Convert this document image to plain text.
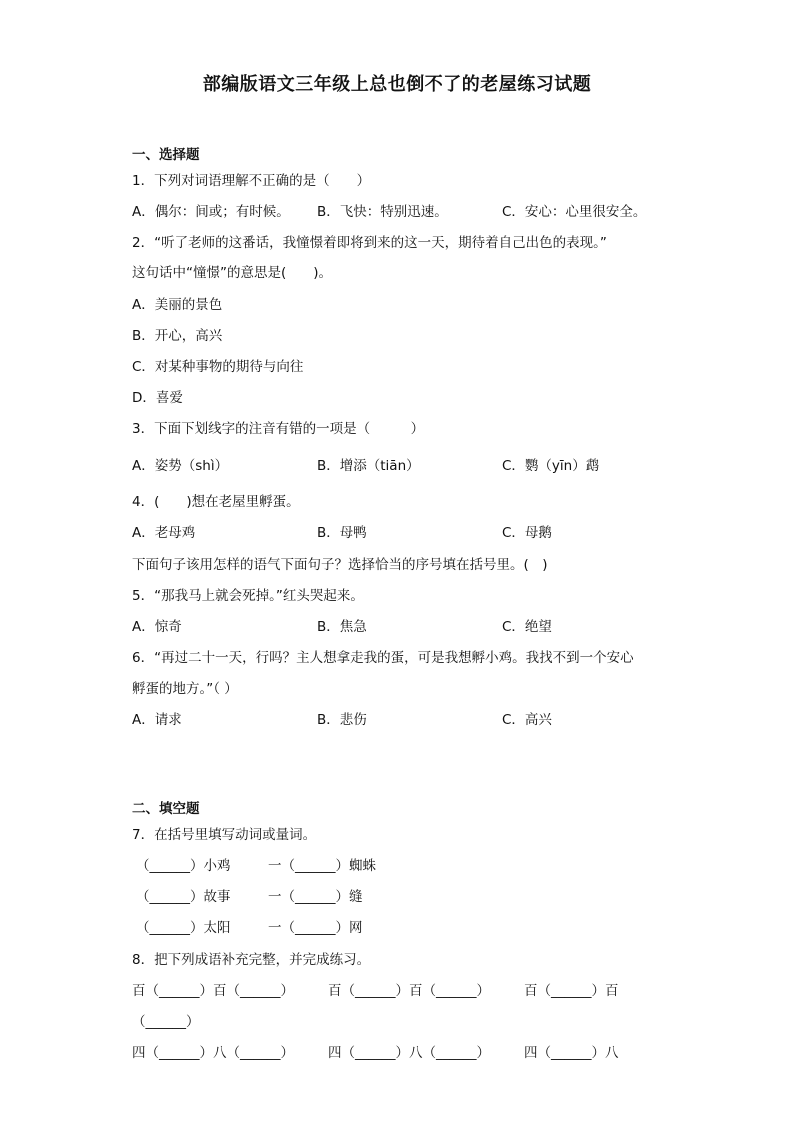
部编版语文三年级上总也倒不了的老屋练习试题
一、选择题
1．下列对词语理解不正确的是（　　）
A．偶尔：间或；有时候。 B．飞快：特别迅速。	C．安心：心里很安全。
2．“听了老师的这番话，我憧憬着即将到来的这一天，期待着自己出色的表现。”
这句话中“憧憬”的意思是(　　)。
A．美丽的景色
B．开心，高兴
C．对某种事物的期待与向往
D．喜爱
3．下面下划线字的注音有错的一项是（　　　）
A．姿势（shì）	B．增添（tiān）	C．鹦（yīn）鹉
4．(　　)想在老屋里孵蛋。
A．老母鸡	B．母鸭	C．母鹅
下面句子该用怎样的语气下面句子？选择恰当的序号填在括号里。(　)
5．“那我马上就会死掉。”红头哭起来。
A．惊奇	B．焦急	C．绝望
6．“再过二十一天，行吗？主人想拿走我的蛋，可是我想孵小鸡。我找不到一个安心
孵蛋的地方。”（ ）
A．请求	B．悲伤	C．高兴
二、填空题
7．在括号里填写动词或量词。
（______）小鸡	一（______）蜘蛛
（______）故事	一（______）缝
（______）太阳	一（______）网
8．把下列成语补充完整，并完成练习。
百（______）百（______）	百（______）百（______）	百（______）百
（______）
四（______）八（______）	四（______）八（______）	四（______）八
